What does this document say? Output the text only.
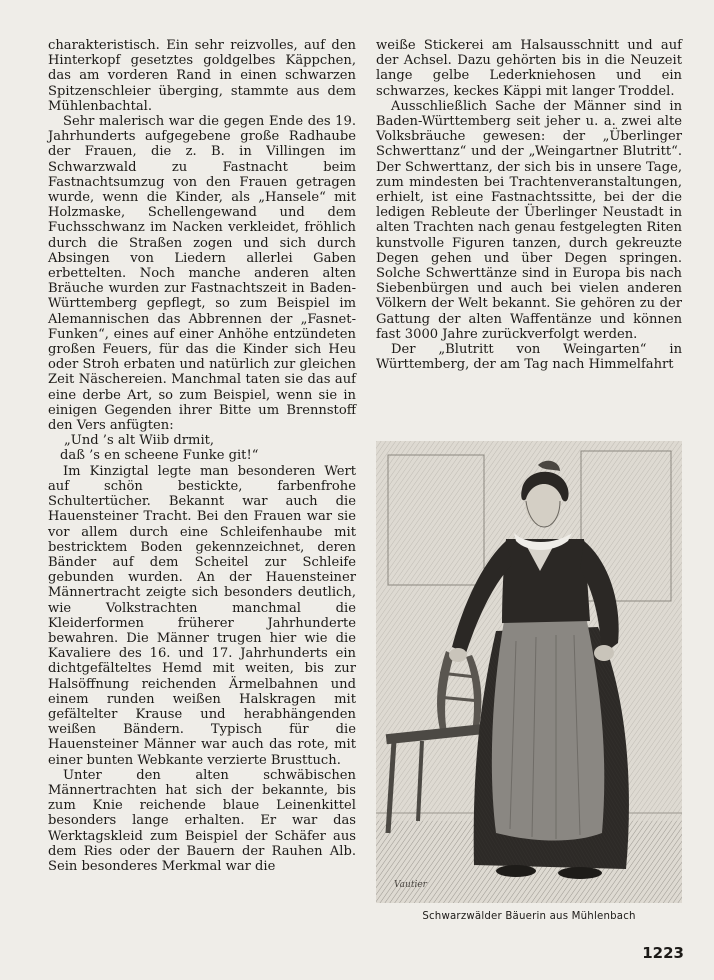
charakteristisch. Ein sehr reizvolles, auf den Hinterkopf gesetztes goldgelbes Käppchen, das am vorderen Rand in einen schwarzen Spitzenschleier überging, stammte aus dem Mühlenbachtal.

Sehr malerisch war die gegen Ende des 19. Jahrhunderts aufgegebene große Radhaube der Frauen, die z. B. in Villingen im Schwarzwald zu Fastnacht beim Fastnachtsumzug von den Frauen getragen wurde, wenn die Kinder, als „Hansele“ mit Holzmaske, Schellengewand und dem Fuchsschwanz im Nacken verkleidet, fröhlich durch die Straßen zogen und sich durch Absingen von Liedern allerlei Gaben erbettelten. Noch manche anderen alten Bräuche wurden zur Fastnachtszeit in Baden-Württemberg gepflegt, so zum Beispiel im Alemannischen das Abbrennen der „Fasnet-Funken“, eines auf einer Anhöhe entzündeten großen Feuers, für das die Kinder sich Heu oder Stroh erbaten und natürlich zur gleichen Zeit Näschereien. Manchmal taten sie das auf eine derbe Art, so zum Beispiel, wenn sie in einigen Gegenden ihrer Bitte um Brennstoff den Vers anfügten:

„Und ’s alt Wiib drmit,

daß ’s en scheene Funke git!“

Im Kinzigtal legte man besonderen Wert auf schön bestickte, farbenfrohe Schultertücher. Bekannt war auch die Hauensteiner Tracht. Bei den Frauen war sie vor allem durch eine Schleifenhaube mit bestricktem Boden gekennzeichnet, deren Bänder auf dem Scheitel zur Schleife gebunden wurden. An der Hauensteiner Männertracht zeigte sich besonders deutlich, wie Volkstrachten manchmal die Kleiderformen früherer Jahrhunderte bewahren. Die Männer trugen hier wie die Kavaliere des 16. und 17. Jahrhunderts ein dichtgefälteltes Hemd mit weiten, bis zur Halsöffnung reichenden Ärmelbahnen und einem runden weißen Halskragen mit gefältelter Krause und herabhängenden weißen Bändern. Typisch für die Hauensteiner Männer war auch das rote, mit einer bunten Webkante verzierte Brusttuch.

Unter den alten schwäbischen Männertrachten hat sich der bekannte, bis zum Knie reichende blaue Leinenkittel besonders lange erhalten. Er war das Werktagskleid zum Beispiel der Schäfer aus dem Ries oder der Bauern der Rauhen Alb. Sein besonderes Merkmal war die

weiße Stickerei am Halsausschnitt und auf der Achsel. Dazu gehörten bis in die Neuzeit lange gelbe Lederkniehosen und ein schwarzes, keckes Käppi mit langer Troddel.

Ausschließlich Sache der Männer sind in Baden-Württemberg seit jeher u. a. zwei alte Volksbräuche gewesen: der „Überlinger Schwerttanz“ und der „Weingartner Blutritt“. Der Schwerttanz, der sich bis in unsere Tage, zum mindesten bei Trachtenveranstaltungen, erhielt, ist eine Fastnachtssitte, bei der die ledigen Rebleute der Überlinger Neustadt in alten Trachten nach genau festgelegten Riten kunstvolle Figuren tanzen, durch gekreuzte Degen gehen und über Degen springen. Solche Schwerttänze sind in Europa bis nach Siebenbürgen und auch bei vielen anderen Völkern der Welt bekannt. Sie gehören zu der Gattung der alten Waffentänze und können fast 3000 Jahre zurückverfolgt werden.

Der „Blutritt von Weingarten“ in Württemberg, der am Tag nach Himmelfahrt

Vautier
Schwarzwälder Bäuerin aus Mühlenbach
1223
